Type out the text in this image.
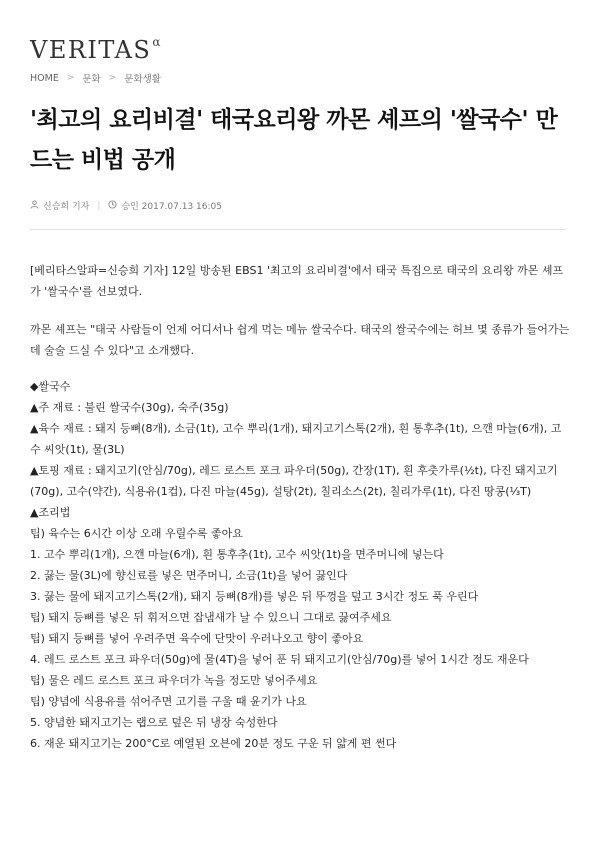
$VERITAS^\alpha$
HOME > 문화 > 문화생활
'최고의 요리비결' 태국요리왕 까몬 셰프의 '쌀국수' 만드는 비법 공개
신승희 기자 | 승인 2017.07.13 16:05

[베리타스알파=신승희 기자] 12일 방송된 EBS1 '최고의 요리비결'에서 태국 특집으로 태국의 요리왕 까몬 셰프가 '쌀국수'를 선보였다.

까몬 셰프는 "태국 사람들이 언제 어디서나 쉽게 먹는 메뉴 쌀국수다. 태국의 쌀국수에는 허브 몇 종류가 들어가는데 술술 드실 수 있다"고 소개했다.

◆쌀국수

▲주 재료 : 불린 쌀국수(30g), 숙주(35g)

▲육수 재료 : 돼지 등뼈(8개), 소금(1t), 고수 뿌리(1개), 돼지고기스톡(2개), 흰 통후추(1t), 으깬 마늘(6개), 고수 씨앗(1t), 물(3L)

▲토핑 재료 : 돼지고기(안심/70g), 레드 로스트 포크 파우더(50g), 간장(1T), 흰 후춧가루(½t), 다진 돼지고기(70g), 고수(약간), 식용유(1컵), 다진 마늘(45g), 설탕(2t), 칠리소스(2t), 칠리가루(1t), 다진 땅콩(⅓T)

▲조리법

팁) 육수는 6시간 이상 오래 우릴수록 좋아요

1. 고수 뿌리(1개), 으깬 마늘(6개), 흰 통후추(1t), 고수 씨앗(1t)을 면주머니에 넣는다

2. 끓는 물(3L)에 향신료를 넣은 면주머니, 소금(1t)을 넣어 끓인다

3. 끓는 물에 돼지고기스톡(2개), 돼지 등뼈(8개)를 넣은 뒤 뚜껑을 덮고 3시간 정도 푹 우린다

팁) 돼지 등뼈를 넣은 뒤 휘저으면 잡냄새가 날 수 있으니 그대로 끓여주세요

팁) 돼지 등뼈를 넣어 우려주면 육수에 단맛이 우러나오고 향이 좋아요

4. 레드 로스트 포크 파우더(50g)에 물(4T)을 넣어 푼 뒤 돼지고기(안심/70g)를 넣어 1시간 정도 재운다

팁) 물은 레드 로스트 포크 파우더가 녹을 정도만 넣어주세요

팁) 양념에 식용유를 섞어주면 고기를 구울 때 윤기가 나요

5. 양념한 돼지고기는 랩으로 덮은 뒤 냉장 숙성한다

6. 재운 돼지고기는 200°C로 예열된 오븐에 20분 정도 구운 뒤 얇게 편 썬다
